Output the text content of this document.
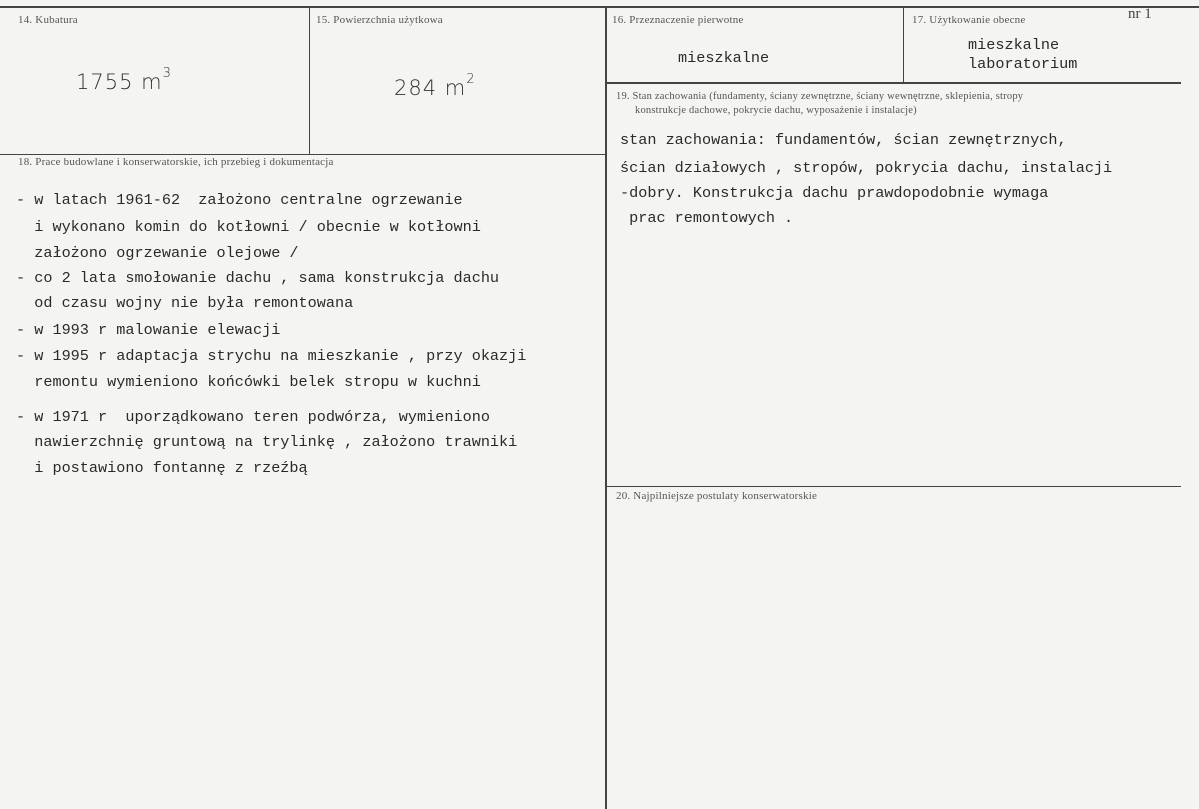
nr 1
14. Kubatura
1755 $m^3$
15. Powierzchnia użytkowa
284 $m^2$
16. Przeznaczenie pierwotne
mieszkalne
17. Użytkowanie obecne
mieszkalne
laboratorium
18. Prace budowlane i konserwatorskie, ich przebieg i dokumentacja
- w latach 1961-62  założono centralne ogrzewanie
i wykonano komin do kotłowni / obecnie w kotłowni
założono ogrzewanie olejowe /
- co 2 lata smołowanie dachu , sama konstrukcja dachu
od czasu wojny nie była remontowana
- w 1993 r malowanie elewacji
- w 1995 r adaptacja strychu na mieszkanie , przy okazji
remontu wymieniono końcówki belek stropu w kuchni
- w 1971 r  uporządkowano teren podwórza, wymieniono
nawierzchnię gruntową na trylinkę , założono trawniki
i postawiono fontannę z rzeźbą
19. Stan zachowania (fundamenty, ściany zewnętrzne, ściany wewnętrzne, sklepienia, stropy
konstrukcje dachowe, pokrycie dachu, wyposażenie i instalacje)
stan zachowania: fundamentów, ścian zewnętrznych,
ścian działowych , stropów, pokrycia dachu, instalacji
-dobry. Konstrukcja dachu prawdopodobnie wymaga
prac remontowych .
20. Najpilniejsze postulaty konserwatorskie
